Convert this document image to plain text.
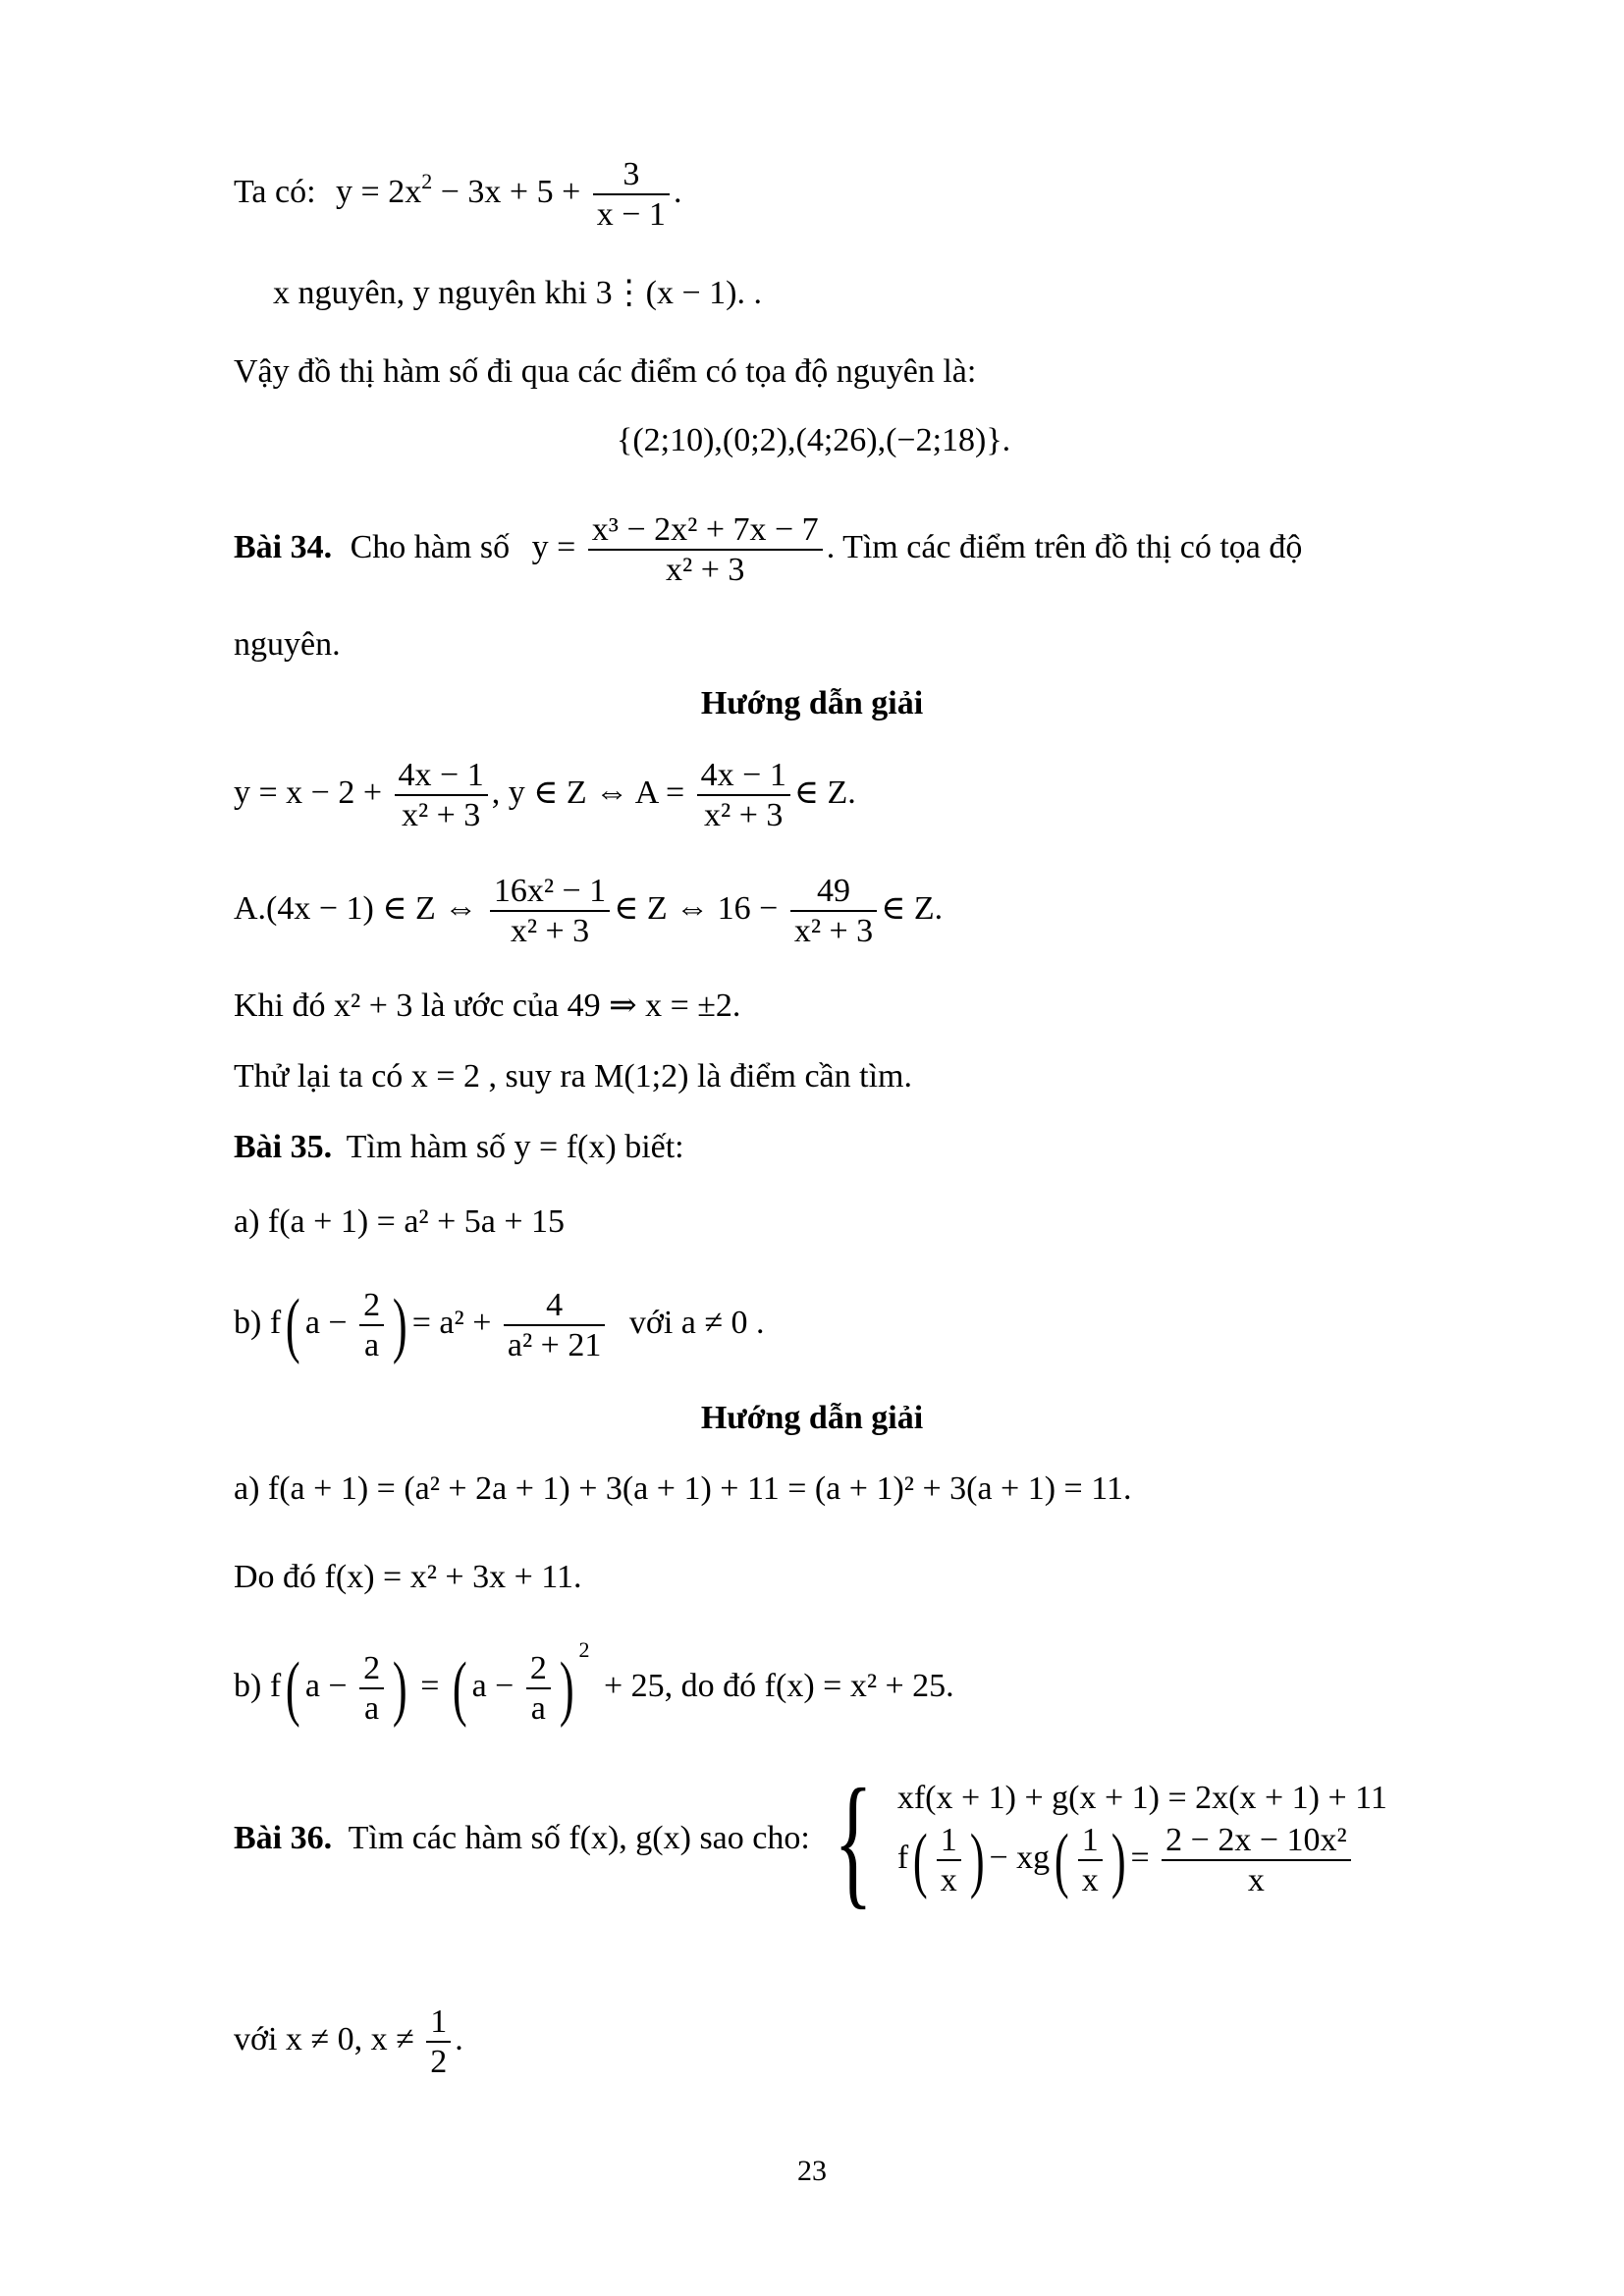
Ta có: $y = 2x^2 - 3x + 5 + \frac{3}{x - 1}$ .
x nguyên, y nguyên khi 3⋮(x − 1). .
Vậy đồ thị hàm số đi qua các điểm có tọa độ nguyên là:
{(2;10),(0;2),(4;26),(−2;18)}.
Bài 34. Cho hàm số $y = \frac{\text{x³ − 2x² + 7x − 7}}{\text{x² + 3}}$ . Tìm các điểm trên đồ thị có tọa độ
nguyên.
Hướng dẫn giải
$y = x - 2 + \frac{4x - 1}{\text{x² + 3}}$ , y ∈ Z ⇔ $A = \frac{4x - 1}{\text{x² + 3}}$ ∈ Z.
A.(4x − 1) ∈ Z ⇔ $\frac{\text{16x² − 1}}{\text{x² + 3}}$ ∈ Z ⇔ $16 - \frac{49}{\text{x² + 3}}$ ∈ Z.
Khi đó x² + 3 là ước của 49 ⇒ x = ±2.
Thử lại ta có x = 2 , suy ra M(1;2) là điểm cần tìm.
Bài 35. Tìm hàm số y = f(x) biết:
a) f(a + 1) = a² + 5a + 15
b) f( $a - \frac{2}{a}$ ) = $a^2 + \frac{4}{\text{a² + 21}}$ với a ≠ 0 .
Hướng dẫn giải
a) f(a + 1) = (a² + 2a + 1) + 3(a + 1) + 11 = (a + 1)² + 3(a + 1) = 11.
Do đó f(x) = x² + 3x + 11.
b) f( $a - \frac{2}{a}$ ) = ( $a - \frac{2}{a}$ ) $^2$ + 25, do đó f(x) = x² + 25.
Bài 36. Tìm các hàm số f(x), g(x) sao cho: { xf(x + 1) + g(x + 1) = 2x(x + 1) + 11
$f( \frac{1}{x}$ ) − $xg( \frac{1}{x}$ ) = $\frac{\text{2 − 2x − 10x²}}{x}$
với x ≠ 0, $x \ne \frac{1}{2}$ .
23
